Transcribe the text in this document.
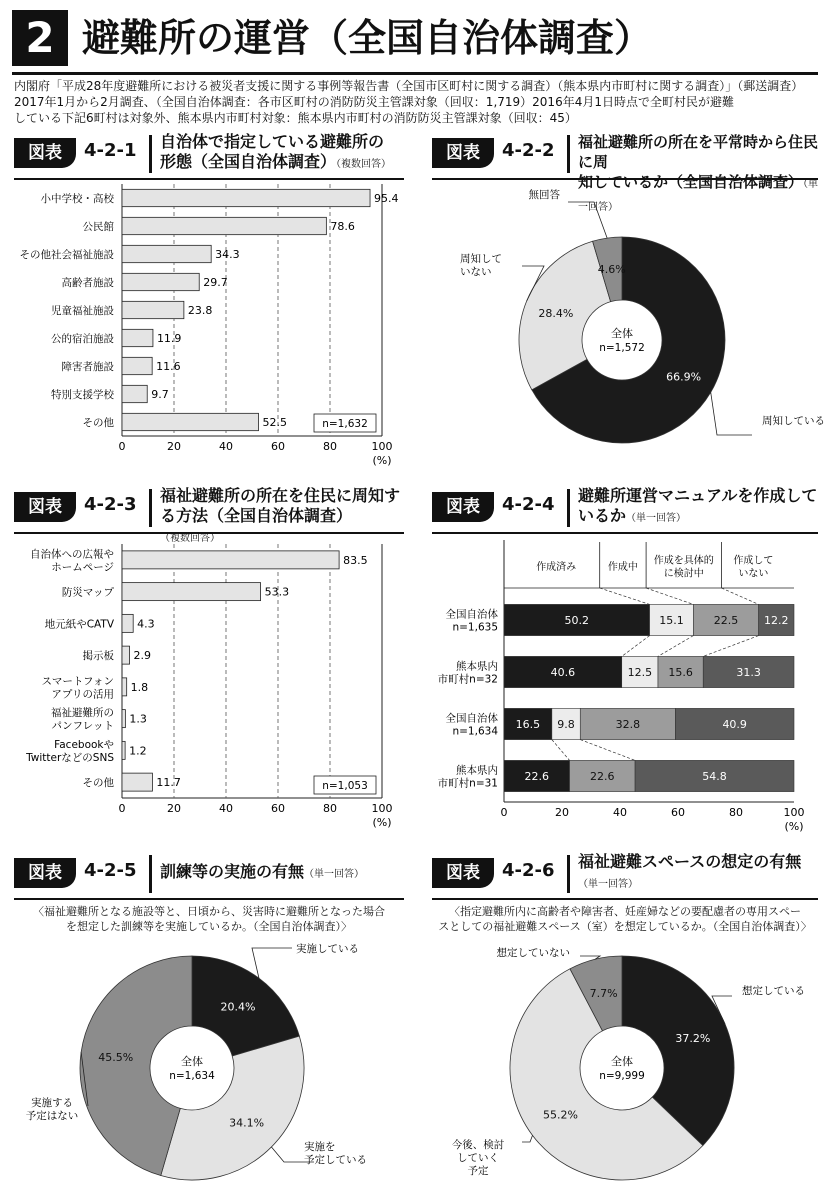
2 避難所の運営（全国自治体調査）
内閣府「平成28年度避難所における被災者支援に関する事例等報告書（全国市区町村に関する調査）（熊本県内市町村に関する調査）」（郵送調査）
2017年1月から2月調査、（全国自治体調査：各市区町村の消防防災主管課対象（回収：1,719）2016年4月1日時点で全町村民が避難
している下記6町村は対象外、熊本県内市町村対象：熊本県内市町村の消防防災主管課対象（回収：45）
図表	4-2-1 自治体で指定している避難所の
形態（全国自治体調査）（複数回答）
図表	4-2-2 福祉避難所の所在を平常時から住民に周
知しているか（全国自治体調査）（単一回答）
図表	4-2-3 福祉避難所の所在を住民に周知す
る方法（全国自治体調査）（複数回答）
図表	4-2-4 避難所運営マニュアルを作成して
いるか（単一回答）
図表	4-2-5 訓練等の実施の有無（単一回答）	図表	4-2-6 福祉避難スペースの想定の有無
（単一回答）
〈福祉避難所となる施設等と、日頃から、災害時に避難所となった場合
を想定した訓練等を実施しているか。（全国自治体調査）〉
〈指定避難所内に高齢者や障害者、妊産婦などの要配慮者の専用スペー
スとしての福祉避難スペース（室）を想定しているか。（全国自治体調査）〉
0	20	40	60	80	100
(%)
95.4
小中学校・高校
78.6
公民館
34.3
その他社会福祉施設
29.7
高齢者施設
23.8
児童福祉施設
11.9
公的宿泊施設
11.6
障害者施設
9.7
特別支援学校
52.5
その他	n=1,632
66.9%
周知している
28.4%
周知して
いない	4.6%
無回答
全体
n=1,572
0	20	40	60	80	100
(%)
83.5
自治体への広報や
ホームページ
53.3
防災マップ
4.3
地元紙やCATV
2.9
掲示板
1.8
スマートフォン
アプリの活用
1.3
福祉避難所の
パンフレット
1.2
Facebookや
TwitterなどのSNS
11.7
その他	n=1,053
作成済み	作成中
作成を具体的
に検討中
作成して
いない
0	20	40	60	80	100
(%)
50.2	15.1	22.5 12.2
全国自治体
n=1,635
40.6	12.5 15.6	31.3
熊本県内
市町村n=32
16.5 9.8	32.8	40.9
全国自治体
n=1,634
22.6	22.6	54.8
熊本県内
市町村n=31
20.4%
実施している
34.1%
実施を
予定している
45.5%
実施する
予定はない
全体
n=1,634
37.2%
想定している
55.2%
今後、検討
していく
予定
7.7%
想定していない
全体
n=9,999
